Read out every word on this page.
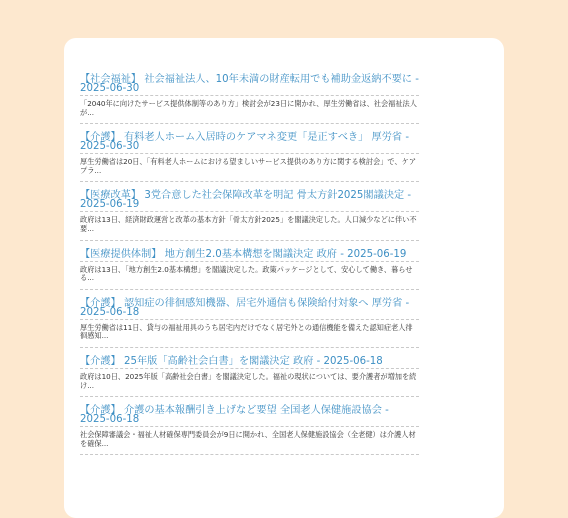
【社会福祉】 社会福祉法人、10年未満の財産転用でも補助金返納不要に - 2025-06-30

「2040年に向けたサービス提供体制等のあり方」検討会が23日に開かれ、厚生労働省は、社会福祉法人が...

【介護】 有料老人ホーム入居時のケアマネ変更「是正すべき」 厚労省 - 2025-06-30

厚生労働省は20日、「有料老人ホームにおける望ましいサービス提供のあり方に関する検討会」で、ケアプラ...

【医療改革】 3党合意した社会保障改革を明記 骨太方針2025閣議決定 - 2025-06-19

政府は13日、経済財政運営と改革の基本方針「骨太方針2025」を閣議決定した。人口減少などに伴い不要...

【医療提供体制】 地方創生2.0基本構想を閣議決定 政府 - 2025-06-19

政府は13日、「地方創生2.0基本構想」を閣議決定した。政策パッケージとして、安心して働き、暮らせる...

【介護】 認知症の徘徊感知機器、居宅外通信も保険給付対象へ 厚労省 - 2025-06-18

厚生労働省は11日、貸与の福祉用具のうち居宅内だけでなく居宅外との通信機能を備えた認知症老人徘徊感知...

【介護】 25年版「高齢社会白書」を閣議決定 政府 - 2025-06-18

政府は10日、2025年版「高齢社会白書」を閣議決定した。福祉の現状については、要介護者が増加を続け...

【介護】 介護の基本報酬引き上げなど要望 全国老人保健施設協会 - 2025-06-18

社会保障審議会・福祉人材確保専門委員会が9日に開かれ、全国老人保健施設協会（全老健）は介護人材を確保...
